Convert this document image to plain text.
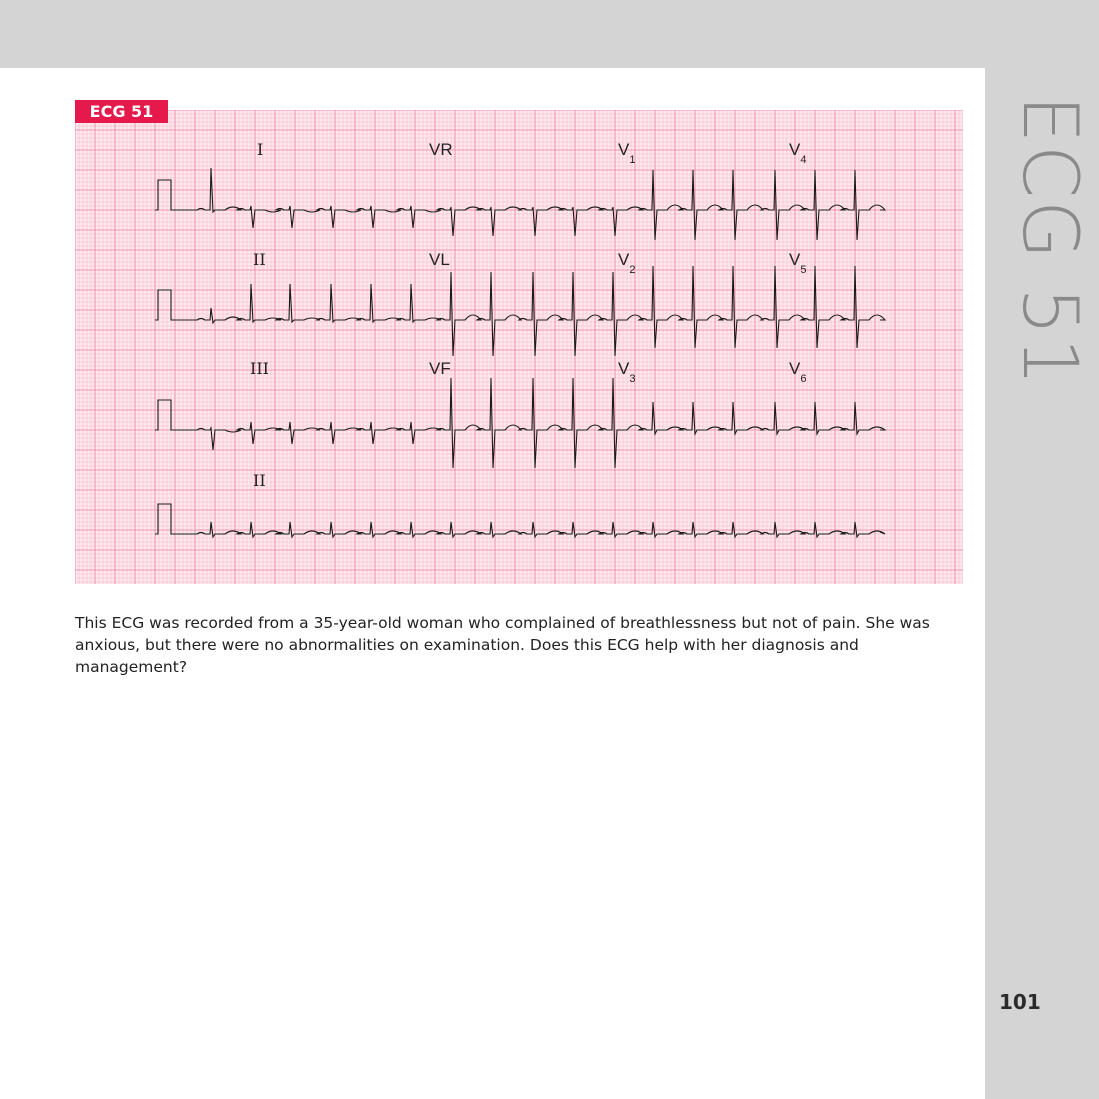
ECG 51
101
I	VR	$V_1$
$V_4$
II	VL	$V_2$
$V_5$
III	VF	$V_3$
$V_6$
II
ECG 51
This ECG was recorded from a 35-year-old woman who complained of breathlessness but not of pain. She was anxious, but there were no abnormalities on examination. Does this ECG help with her diagnosis and management?
